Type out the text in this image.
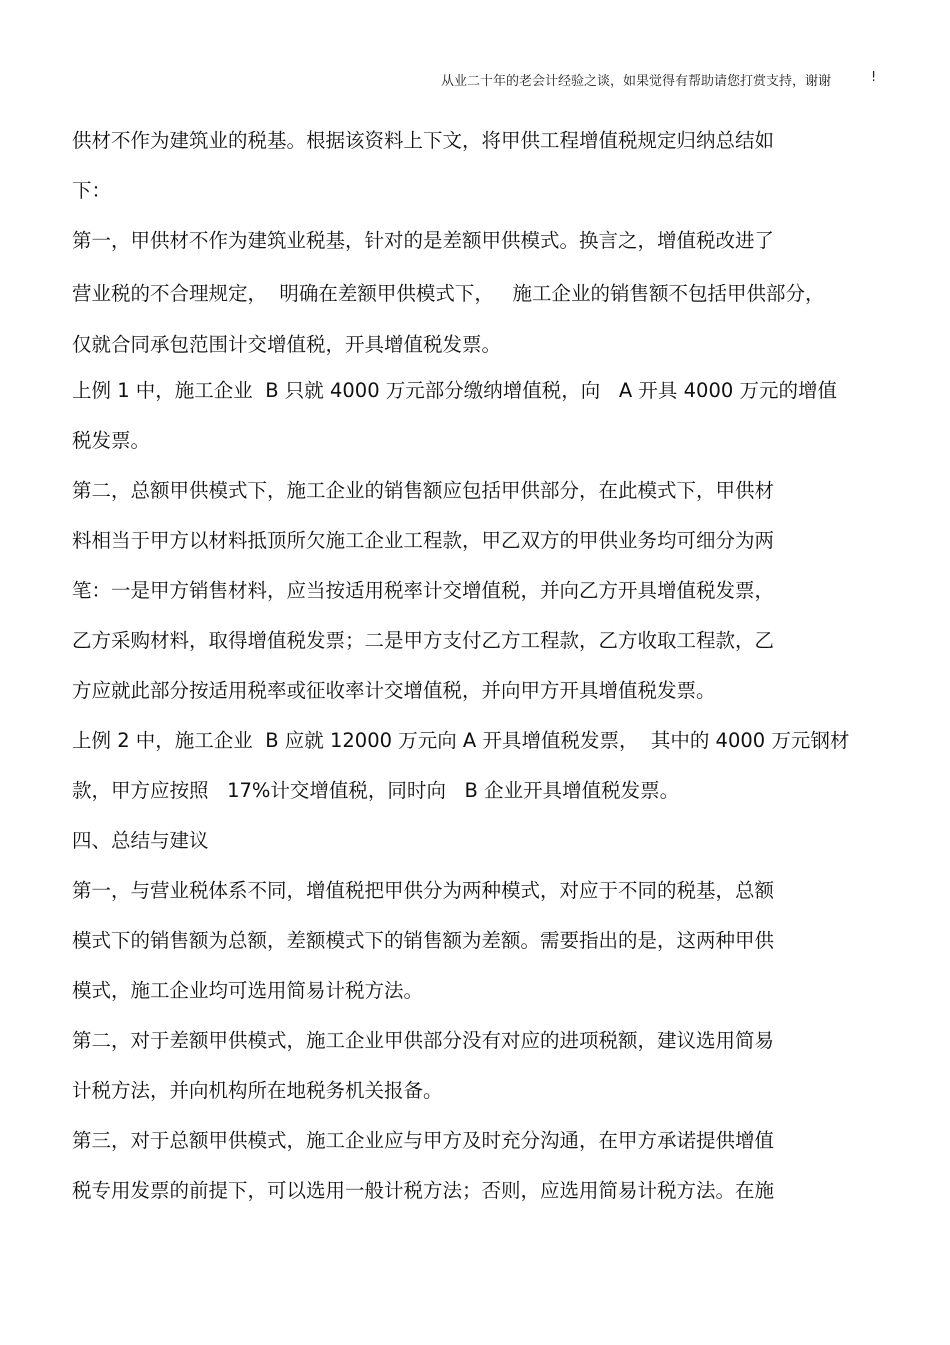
从业二十年的老会计经验之谈，如果觉得有帮助请您打赏支持，谢谢	!
供材不作为建筑业的税基。根据该资料上下文，将甲供工程增值税规定归纳总结如
下：
第一，甲供材不作为建筑业税基，针对的是差额甲供模式。换言之，增值税改进了
营业税的不合理规定，  明确在差额甲供模式下，   施工企业的销售额不包括甲供部分，
仅就合同承包范围计交增值税，开具增值税发票。
上例 1 中，施工企业  B 只就 4000 万元部分缴纳增值税，向   A 开具 4000 万元的增值
税发票。
第二，总额甲供模式下，施工企业的销售额应包括甲供部分，在此模式下，甲供材
料相当于甲方以材料抵顶所欠施工企业工程款，甲乙双方的甲供业务均可细分为两
笔：一是甲方销售材料，应当按适用税率计交增值税，并向乙方开具增值税发票，
乙方采购材料，取得增值税发票；二是甲方支付乙方工程款，乙方收取工程款，乙
方应就此部分按适用税率或征收率计交增值税，并向甲方开具增值税发票。
上例 2 中，施工企业  B 应就 12000 万元向 A 开具增值税发票，  其中的 4000 万元钢材
款，甲方应按照   17%计交增值税，同时向   B 企业开具增值税发票。
四、总结与建议
第一，与营业税体系不同，增值税把甲供分为两种模式，对应于不同的税基，总额
模式下的销售额为总额，差额模式下的销售额为差额。需要指出的是，这两种甲供
模式，施工企业均可选用简易计税方法。
第二，对于差额甲供模式，施工企业甲供部分没有对应的进项税额，建议选用简易
计税方法，并向机构所在地税务机关报备。
第三，对于总额甲供模式，施工企业应与甲方及时充分沟通，在甲方承诺提供增值
税专用发票的前提下，可以选用一般计税方法；否则，应选用简易计税方法。在施
